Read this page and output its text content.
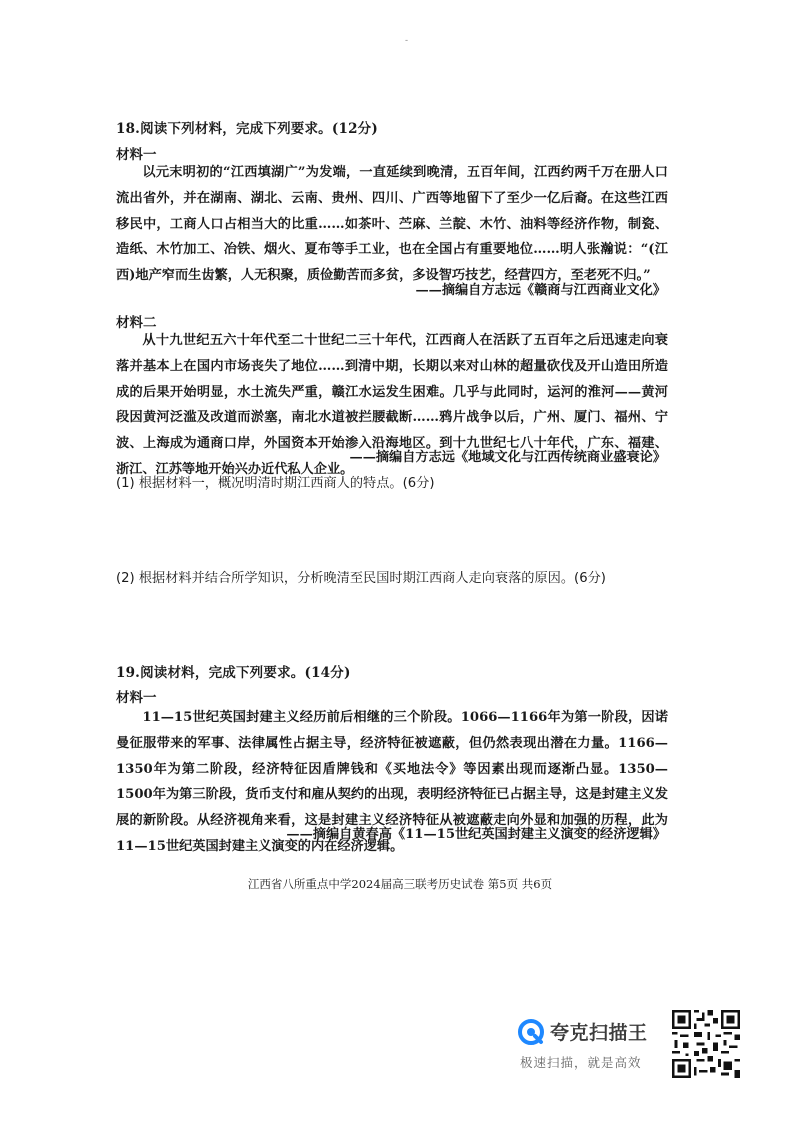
-
18.阅读下列材料，完成下列要求。(12分)
材料一

以元末明初的“江西填湖广”为发端，一直延续到晚清，五百年间，江西约两千万在册人口流出省外，并在湖南、湖北、云南、贵州、四川、广西等地留下了至少一亿后裔。在这些江西移民中，工商人口占相当大的比重……如茶叶、苎麻、兰靛、木竹、油料等经济作物，制瓷、造纸、木竹加工、冶铁、烟火、夏布等手工业，也在全国占有重要地位……明人张瀚说：“(江西)地产窄而生齿繁，人无积聚，质俭勤苦而多贫，多设智巧技艺，经营四方，至老死不归。”

——摘编自方志远《赣商与江西商业文化》
材料二

从十九世纪五六十年代至二十世纪二三十年代，江西商人在活跃了五百年之后迅速走向衰落并基本上在国内市场丧失了地位……到清中期，长期以来对山林的超量砍伐及开山造田所造成的后果开始明显，水土流失严重，赣江水运发生困难。几乎与此同时，运河的淮河——黄河段因黄河泛滥及改道而淤塞，南北水道被拦腰截断……鸦片战争以后，广州、厦门、福州、宁波、上海成为通商口岸，外国资本开始渗入沿海地区。到十九世纪七八十年代，广东、福建、浙江、江苏等地开始兴办近代私人企业。

——摘编自方志远《地域文化与江西传统商业盛衰论》
(1) 根据材料一，概况明清时期江西商人的特点。(6分)
(2) 根据材料并结合所学知识，分析晚清至民国时期江西商人走向衰落的原因。(6分)
19.阅读材料，完成下列要求。(14分)
材料一

11—15世纪英国封建主义经历前后相继的三个阶段。1066—1166年为第一阶段，因诺曼征服带来的军事、法律属性占据主导，经济特征被遮蔽，但仍然表现出潜在力量。1166—1350年为第二阶段，经济特征因盾牌钱和《买地法令》等因素出现而逐渐凸显。1350—1500年为第三阶段，货币支付和雇从契约的出现，表明经济特征已占据主导，这是封建主义发展的新阶段。从经济视角来看，这是封建主义经济特征从被遮蔽走向外显和加强的历程，此为11—15世纪英国封建主义演变的内在经济逻辑。

——摘编自黄春高《11—15世纪英国封建主义演变的经济逻辑》
江西省八所重点中学2024届高三联考历史试卷 第5页 共6页
夸克扫描王
极速扫描，就是高效
